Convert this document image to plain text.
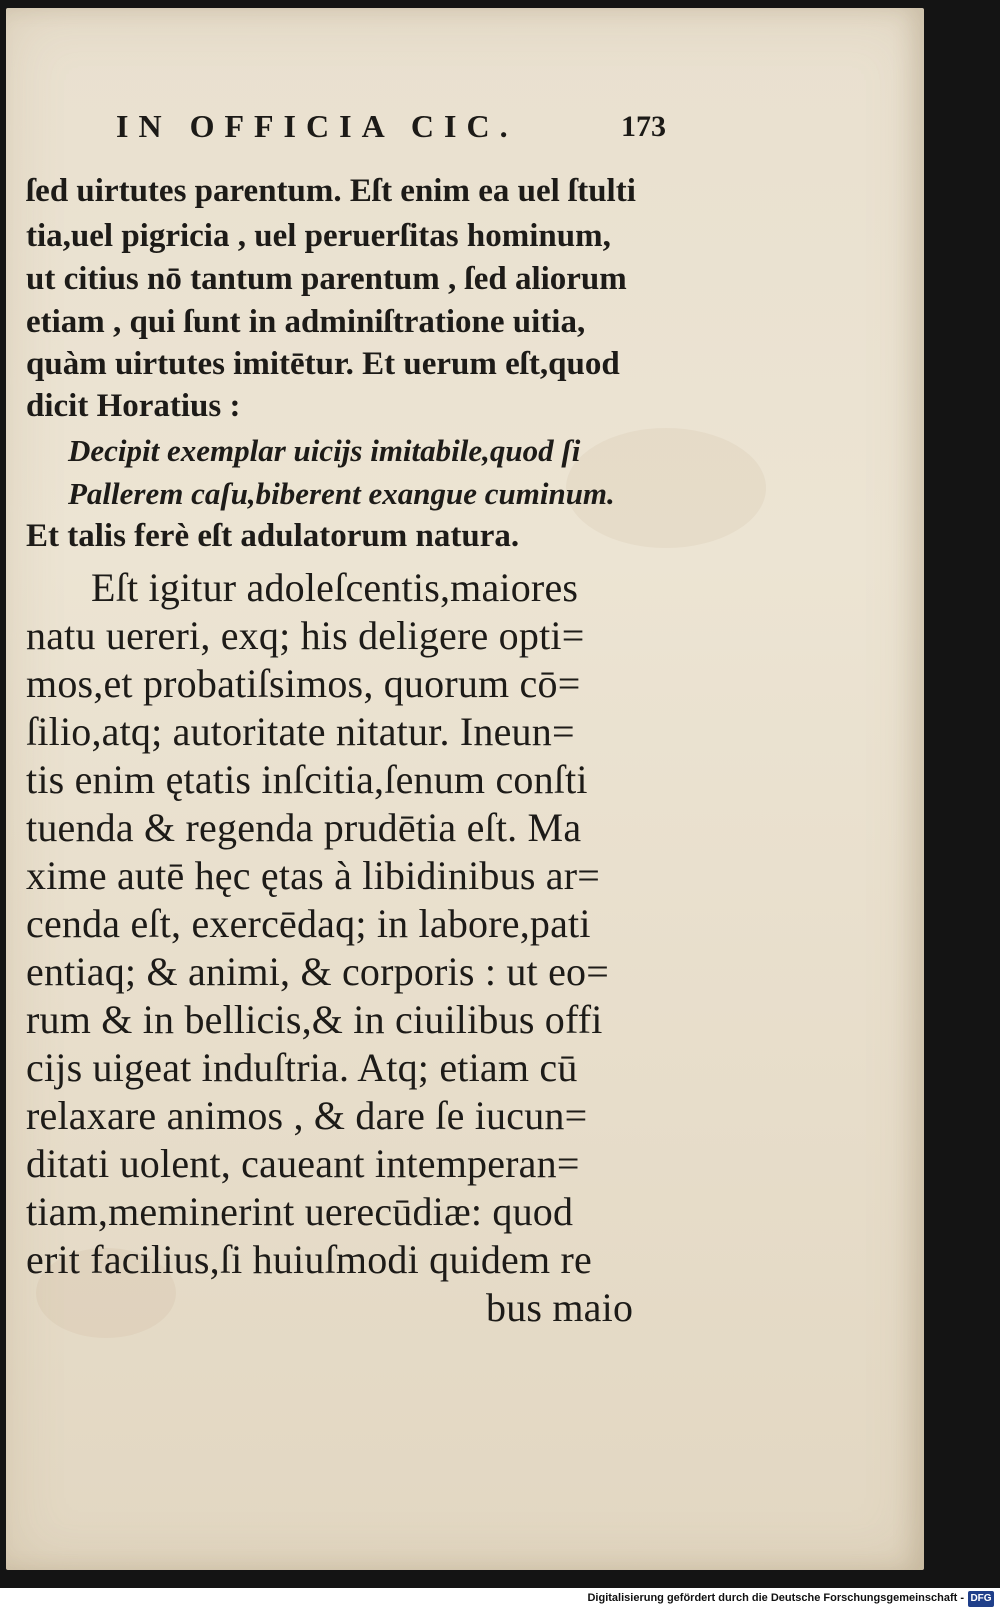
IN OFFICIA CIC.	173
ſed uirtutes parentum. Eſt enim ea uel ſtulti
tia,uel pigricia , uel peruerſitas hominum,
ut citius nō tantum parentum , ſed aliorum
etiam , qui ſunt in adminiſtratione uitia,
quàm uirtutes imitētur. Et uerum eſt,quod
dicit Horatius :
Decipit exemplar uicijs imitabile,quod ſi
Pallerem caſu,biberent exangue cuminum.
Et talis ferè eſt adulatorum natura.
Eſt igitur adoleſcentis,maiores
natu uereri, exq; his deligere opti=
mos,et probatiſsimos, quorum cō=
ſilio,atq; autoritate nitatur. Ineun=
tis enim ętatis inſcitia,ſenum conſti
tuenda & regenda prudētia eſt. Ma
xime autē hęc ętas à libidinibus ar=
cenda eſt, exercēdaq; in labore,pati
entiaq; & animi, & corporis : ut eo=
rum & in bellicis,& in ciuilibus offi
cijs uigeat induſtria. Atq; etiam cū
relaxare animos , & dare ſe iucun=
ditati uolent, caueant intemperan=
tiam,meminerint uerecūdiæ: quod
erit facilius,ſi huiuſmodi quidem re
bus maio
Digitalisierung gefördert durch die Deutsche Forschungsgemeinschaft - DFG
